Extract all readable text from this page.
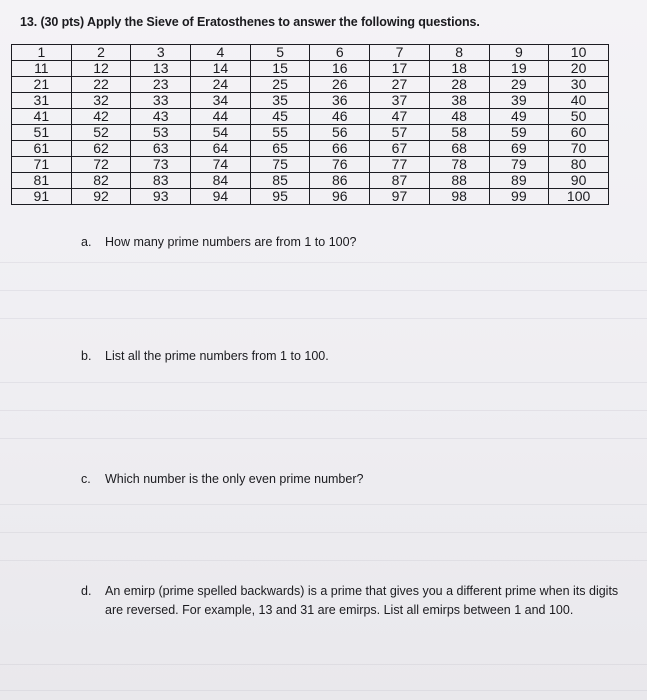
13. (30 pts) Apply the Sieve of Eratosthenes to answer the following questions.
1	2	3	4	5	6	7	8	9	10
11	12	13	14	15	16	17	18	19	20
21	22	23	24	25	26	27	28	29	30
31	32	33	34	35	36	37	38	39	40
41	42	43	44	45	46	47	48	49	50
51	52	53	54	55	56	57	58	59	60
61	62	63	64	65	66	67	68	69	70
71	72	73	74	75	76	77	78	79	80
81	82	83	84	85	86	87	88	89	90
91	92	93	94	95	96	97	98	99	100
a. How many prime numbers are from 1 to 100?
b. List all the prime numbers from 1 to 100.
c. Which number is the only even prime number?
d. An emirp (prime spelled backwards) is a prime that gives you a different prime when its digits are reversed. For example, 13 and 31 are emirps. List all emirps between 1 and 100.
